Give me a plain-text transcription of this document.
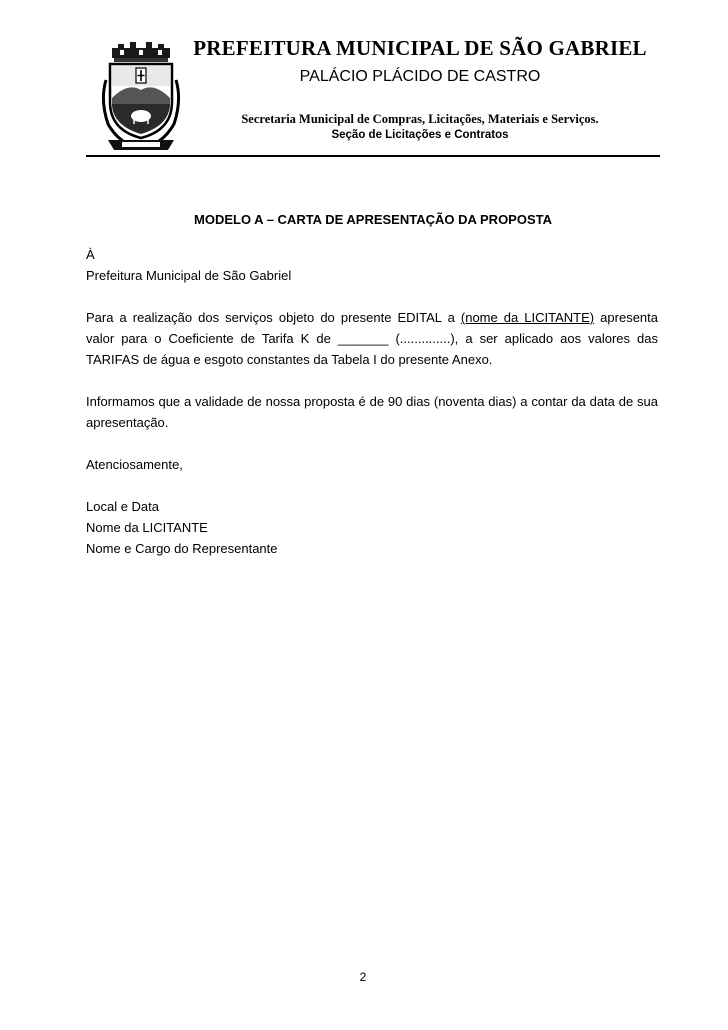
PREFEITURA MUNICIPAL DE SÃO GABRIEL
PALÁCIO PLÁCIDO DE CASTRO
Secretaria Municipal de Compras, Licitações, Materiais e Serviços.
Seção de Licitações e Contratos
MODELO A – CARTA DE APRESENTAÇÃO DA PROPOSTA

À

Prefeitura Municipal de São Gabriel

Para a realização dos serviços objeto do presente EDITAL a (nome da LICITANTE) apresenta valor para o Coeficiente de Tarifa K de _______ (..............), a ser aplicado aos valores das TARIFAS de água e esgoto constantes da Tabela I do presente Anexo.

Informamos que a validade de nossa proposta é de 90 dias (noventa dias) a contar da data de sua apresentação.

Atenciosamente,

Local e Data

Nome da LICITANTE

Nome e Cargo do Representante

2
